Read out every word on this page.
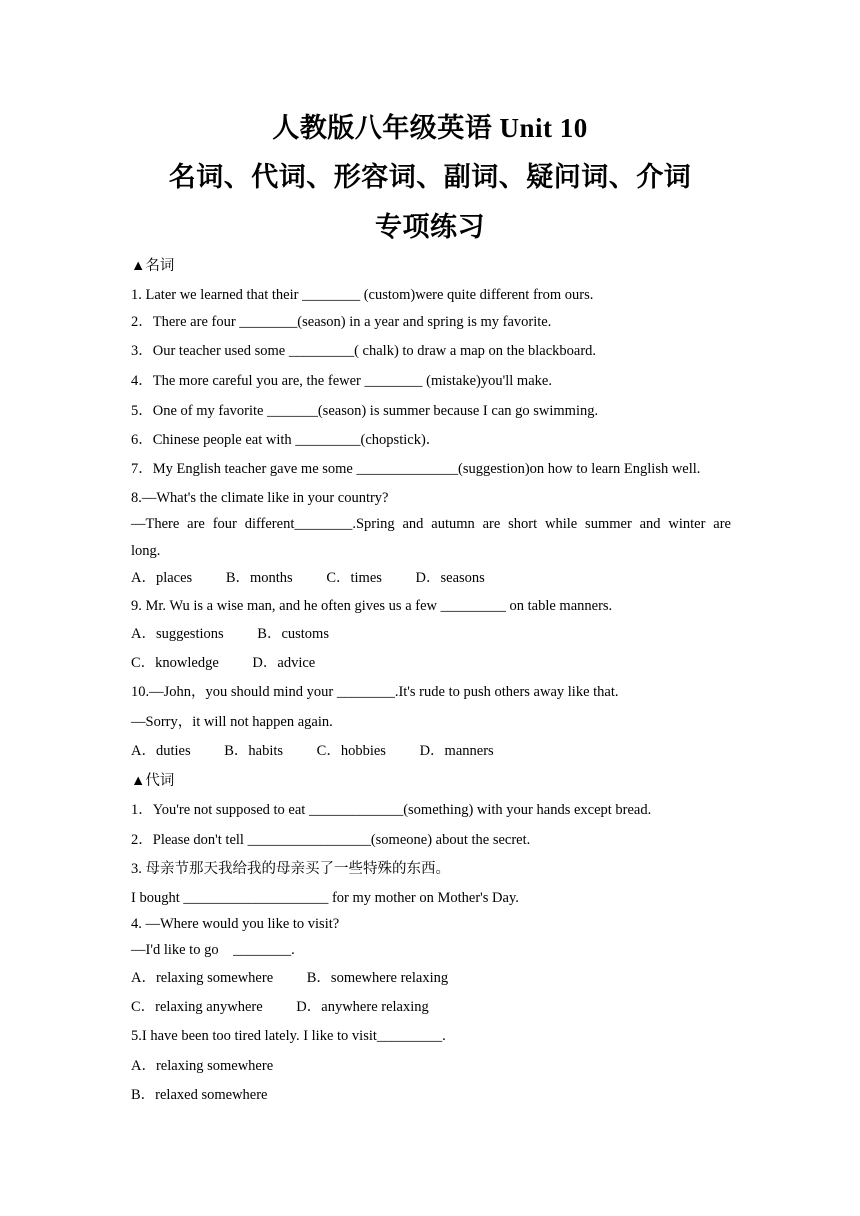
人教版八年级英语 Unit 10
名词、代词、形容词、副词、疑问词、介词
专项练习
▲名词
1. Later we learned that their ________ (custom)were quite different from ours.
2．There are four ________(season) in a year and spring is my favorite.
3．Our teacher used some _________( chalk) to draw a map on the blackboard.
4．The more careful you are, the fewer ________ (mistake)you'll make.
5．One of my favorite _______(season) is summer because I can go swimming.
6．Chinese people eat with _________(chopstick)．
7．My English teacher gave me some ______________(suggestion)on how to learn English well.
8.—What's the climate like in your country?
—There are four different________.Spring and autumn are short while summer and winter are
long.
A．places B．months C．times D．seasons
9. Mr. Wu is a wise man, and he often gives us a few _________ on table manners.
A．suggestions B．customs
C．knowledge D．advice
10.—John，you should mind your ________.It's rude to push others away like that.
—Sorry，it will not happen again.
A．duties B．habits C．hobbies D．manners
▲代词
1．You're not supposed to eat _____________(something) with your hands except bread.
2．Please don't tell _________________(someone) about the secret.
3. 母亲节那天我给我的母亲买了一些特殊的东西。
I bought ____________________ for my mother on Mother's Day.
4. —Where would you like to visit?
—I'd like to go    ________.
A．relaxing somewhere B．somewhere relaxing
C．relaxing anywhere D．anywhere relaxing
5.I have been too tired lately. I like to visit_________.
A．relaxing somewhere
B．relaxed somewhere
